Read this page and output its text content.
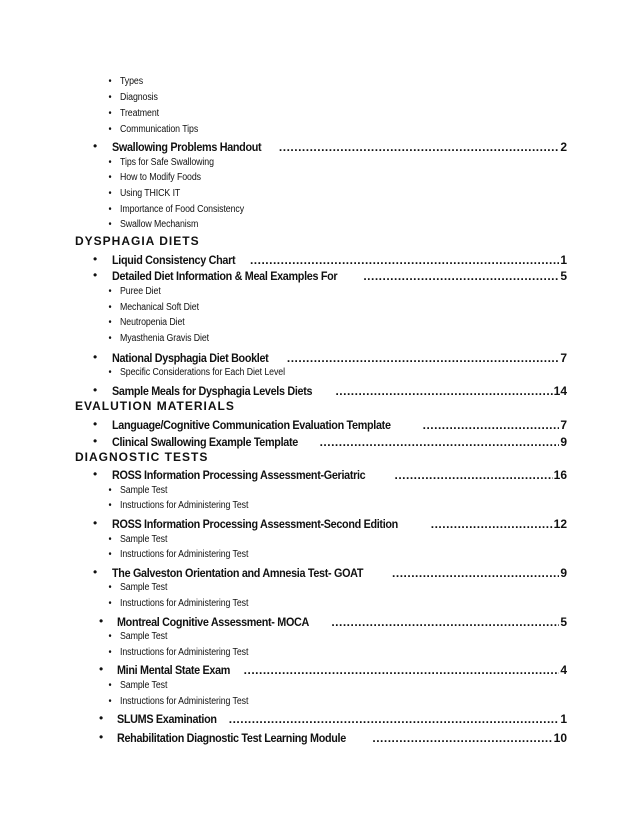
• Types
• Diagnosis
• Treatment
• Communication Tips
• Swallowing Problems Handout .....	2
• Tips for Safe Swallowing
• How to Modify Foods
• Using THICK IT
• Importance of Food Consistency
• Swallow Mechanism
DYSPHAGIA DIETS
• Liquid Consistency Chart .....	1
• Detailed Diet Information & Meal Examples For .....	5
• Puree Diet
• Mechanical Soft Diet
• Neutropenia Diet
• Myasthenia Gravis Diet
• National Dysphagia Diet Booklet .....	7
• Specific Considerations for Each Diet Level
• Sample Meals for Dysphagia Levels Diets .....	14
EVALUTION MATERIALS
• Language/Cognitive Communication Evaluation Template .....	7
• Clinical Swallowing Example Template .....	9
DIAGNOSTIC TESTS
• ROSS Information Processing Assessment-Geriatric .....	16
• Sample Test
• Instructions for Administering Test
• ROSS Information Processing Assessment-Second Edition .....	12
• Sample Test
• Instructions for Administering Test
• The Galveston Orientation and Amnesia Test- GOAT .....	9
• Sample Test
• Instructions for Administering Test
• Montreal Cognitive Assessment- MOCA .....	5
• Sample Test
• Instructions for Administering Test
• Mini Mental State Exam .....	4
• Sample Test
• Instructions for Administering Test
• SLUMS Examination .....	1
• Rehabilitation Diagnostic Test Learning Module .....	10
